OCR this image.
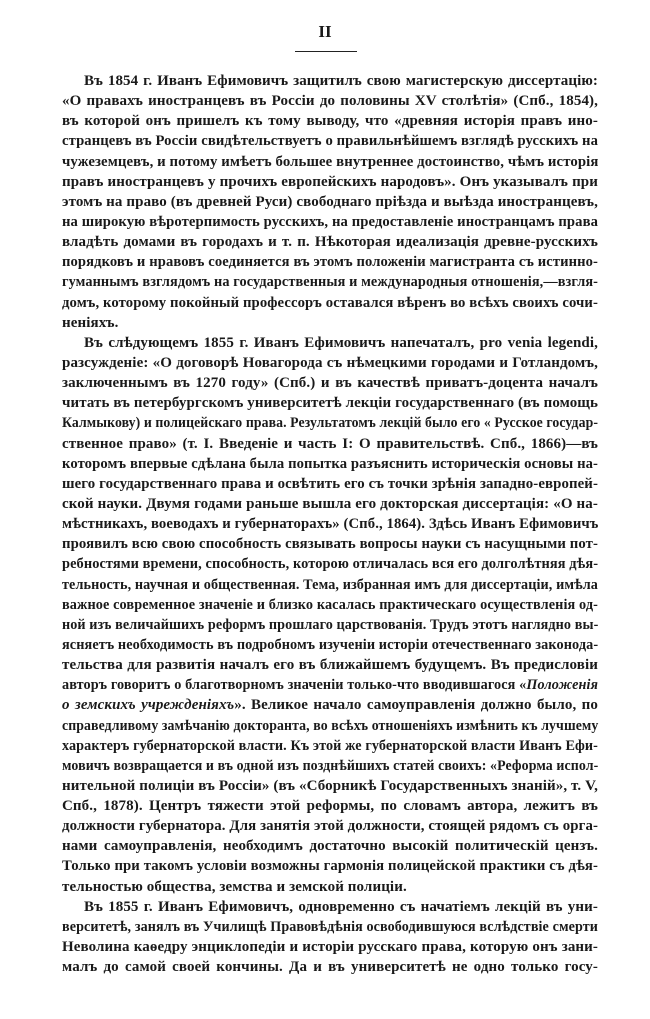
II
Въ 1854 г. Иванъ Ефимовичъ защитилъ свою магистерскую диссертацію:
«О правахъ иностранцевъ въ Россіи до половины XV столѣтія» (Спб., 1854),
въ которой онъ пришелъ къ тому выводу, что «древняя исторія правъ ино-
странцевъ въ Россіи свидѣтельствуетъ о правильнѣйшемъ взглядѣ русскихъ на
чужеземцевъ, и потому имѣетъ большее внутреннее достоинство, чѣмъ исторія
правъ иностранцевъ у прочихъ европейскихъ народовъ». Онъ указывалъ при
этомъ на право (въ древней Руси) свободнаго пріѣзда и выѣзда иностранцевъ,
на широкую вѣротерпимость русскихъ, на предоставленіе иностранцамъ права
владѣть домами въ городахъ и т. п. Нѣкоторая идеализація древне-русскихъ
порядковъ и нравовъ соединяется въ этомъ положеніи магистранта съ истинно-
гуманнымъ взглядомъ на государственныя и международныя отношенія,—взгля-
домъ, которому покойный профессоръ оставался вѣренъ во всѣхъ своихъ сочи-
неніяхъ.
Въ слѣдующемъ 1855 г. Иванъ Ефимовичъ напечаталъ, pro venia legendi,
разсужденіе: «О договорѣ Новагорода съ нѣмецкими городами и Готландомъ,
заключеннымъ въ 1270 году» (Спб.) и въ качествѣ приватъ-доцента началъ
читать въ петербургскомъ университетѣ лекціи государственнаго (въ помощь
Калмыкову) и полицейскаго права. Результатомъ лекцій было его « Русское государ-
ственное право» (т. I. Введеніе и часть I: О правительствѣ. Спб., 1866)—въ
которомъ впервые сдѣлана была попытка разъяснить историческія основы на-
шего государственнаго права и освѣтить его съ точки зрѣнія западно-европей-
ской науки. Двумя годами раньше вышла его докторская диссертація: «О на-
мѣстникахъ, воеводахъ и губернаторахъ» (Спб., 1864). Здѣсь Иванъ Ефимовичъ
проявилъ всю свою способность связывать вопросы науки съ насущными пот-
ребностями времени, способность, которою отличалась вся его долголѣтняя дѣя-
тельность, научная и общественная. Тема, избранная имъ для диссертаціи, имѣла
важное современное значеніе и близко касалась практическаго осуществленія од-
ной изъ величайшихъ реформъ прошлаго царствованія. Трудъ этотъ наглядно вы-
ясняетъ необходимость въ подробномъ изученіи исторіи отечественнаго законода-
тельства для развитія началъ его въ ближайшемъ будущемъ. Въ предисловіи
авторъ говоритъ о благотворномъ значеніи только-что вводившагося «Положенія
о земскихъ учрежденіяхъ». Великое начало самоуправленія должно было, по
справедливому замѣчанію докторанта, во всѣхъ отношеніяхъ измѣнить къ лучшему
характеръ губернаторской власти. Къ этой же губернаторской власти Иванъ Ефи-
мовичъ возвращается и въ одной изъ позднѣйшихъ статей своихъ: «Реформа испол-
нительной полиціи въ Россіи» (въ «Сборникѣ Государственныхъ знаній», т. V,
Спб., 1878). Центръ тяжести этой реформы, по словамъ автора, лежитъ въ
должности губернатора. Для занятія этой должности, стоящей рядомъ съ орга-
нами самоуправленія, необходимъ достаточно высокій политическій цензъ.
Только при такомъ условіи возможны гармонія полицейской практики съ дѣя-
тельностью общества, земства и земской полиціи.
Въ 1855 г. Иванъ Ефимовичъ, одновременно съ начатіемъ лекцій въ уни-
верситетѣ, занялъ въ Училищѣ Правовѣдѣнія освободившуюся вслѣдствіе смерти
Неволина каѳедру энциклопедіи и исторіи русскаго права, которую онъ зани-
малъ до самой своей кончины. Да и въ университетѣ не одно только госу-
